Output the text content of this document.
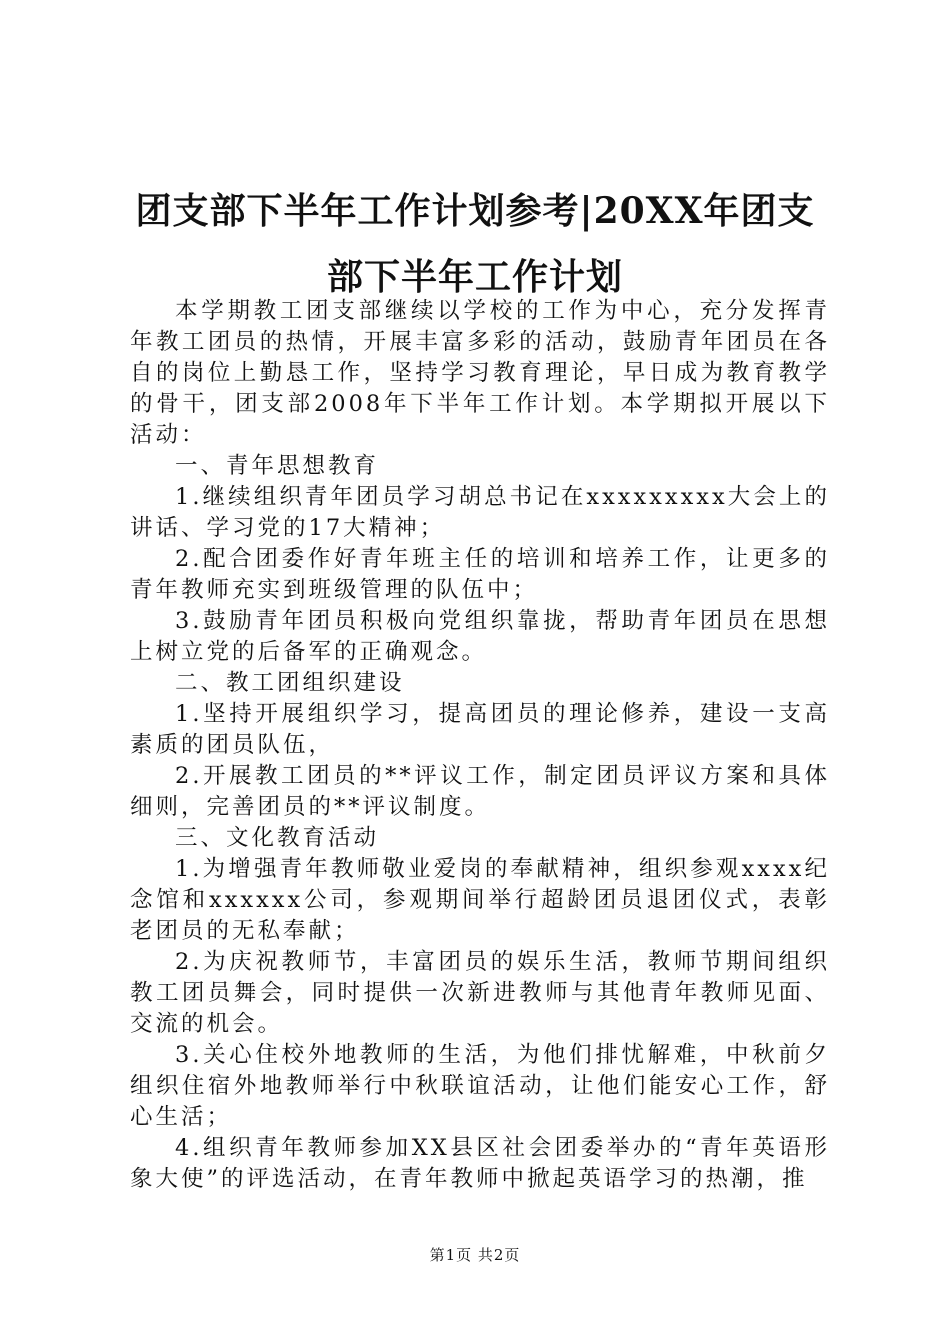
团支部下半年工作计划参考|20XX年团支部下半年工作计划

本学期教工团支部继续以学校的工作为中心，充分发挥青年教工团员的热情，开展丰富多彩的活动，鼓励青年团员在各自的岗位上勤恳工作，坚持学习教育理论，早日成为教育教学的骨干，团支部2008年下半年工作计划。本学期拟开展以下活动：

一、青年思想教育

1.继续组织青年团员学习胡总书记在xxxxxxxxx大会上的讲话、学习党的17大精神；

2.配合团委作好青年班主任的培训和培养工作，让更多的青年教师充实到班级管理的队伍中；

3.鼓励青年团员积极向党组织靠拢，帮助青年团员在思想上树立党的后备军的正确观念。

二、教工团组织建设

1.坚持开展组织学习，提高团员的理论修养，建设一支高素质的团员队伍，

2.开展教工团员的**评议工作，制定团员评议方案和具体细则，完善团员的**评议制度。

三、文化教育活动

1.为增强青年教师敬业爱岗的奉献精神，组织参观xxxx纪念馆和xxxxxx公司，参观期间举行超龄团员退团仪式，表彰老团员的无私奉献；

2.为庆祝教师节，丰富团员的娱乐生活，教师节期间组织教工团员舞会，同时提供一次新进教师与其他青年教师见面、交流的机会。

3.关心住校外地教师的生活，为他们排忧解难，中秋前夕组织住宿外地教师举行中秋联谊活动，让他们能安心工作，舒心生活；

4.组织青年教师参加XX县区社会团委举办的“青年英语形象大使”的评选活动，在青年教师中掀起英语学习的热潮，推

第1页 共2页
